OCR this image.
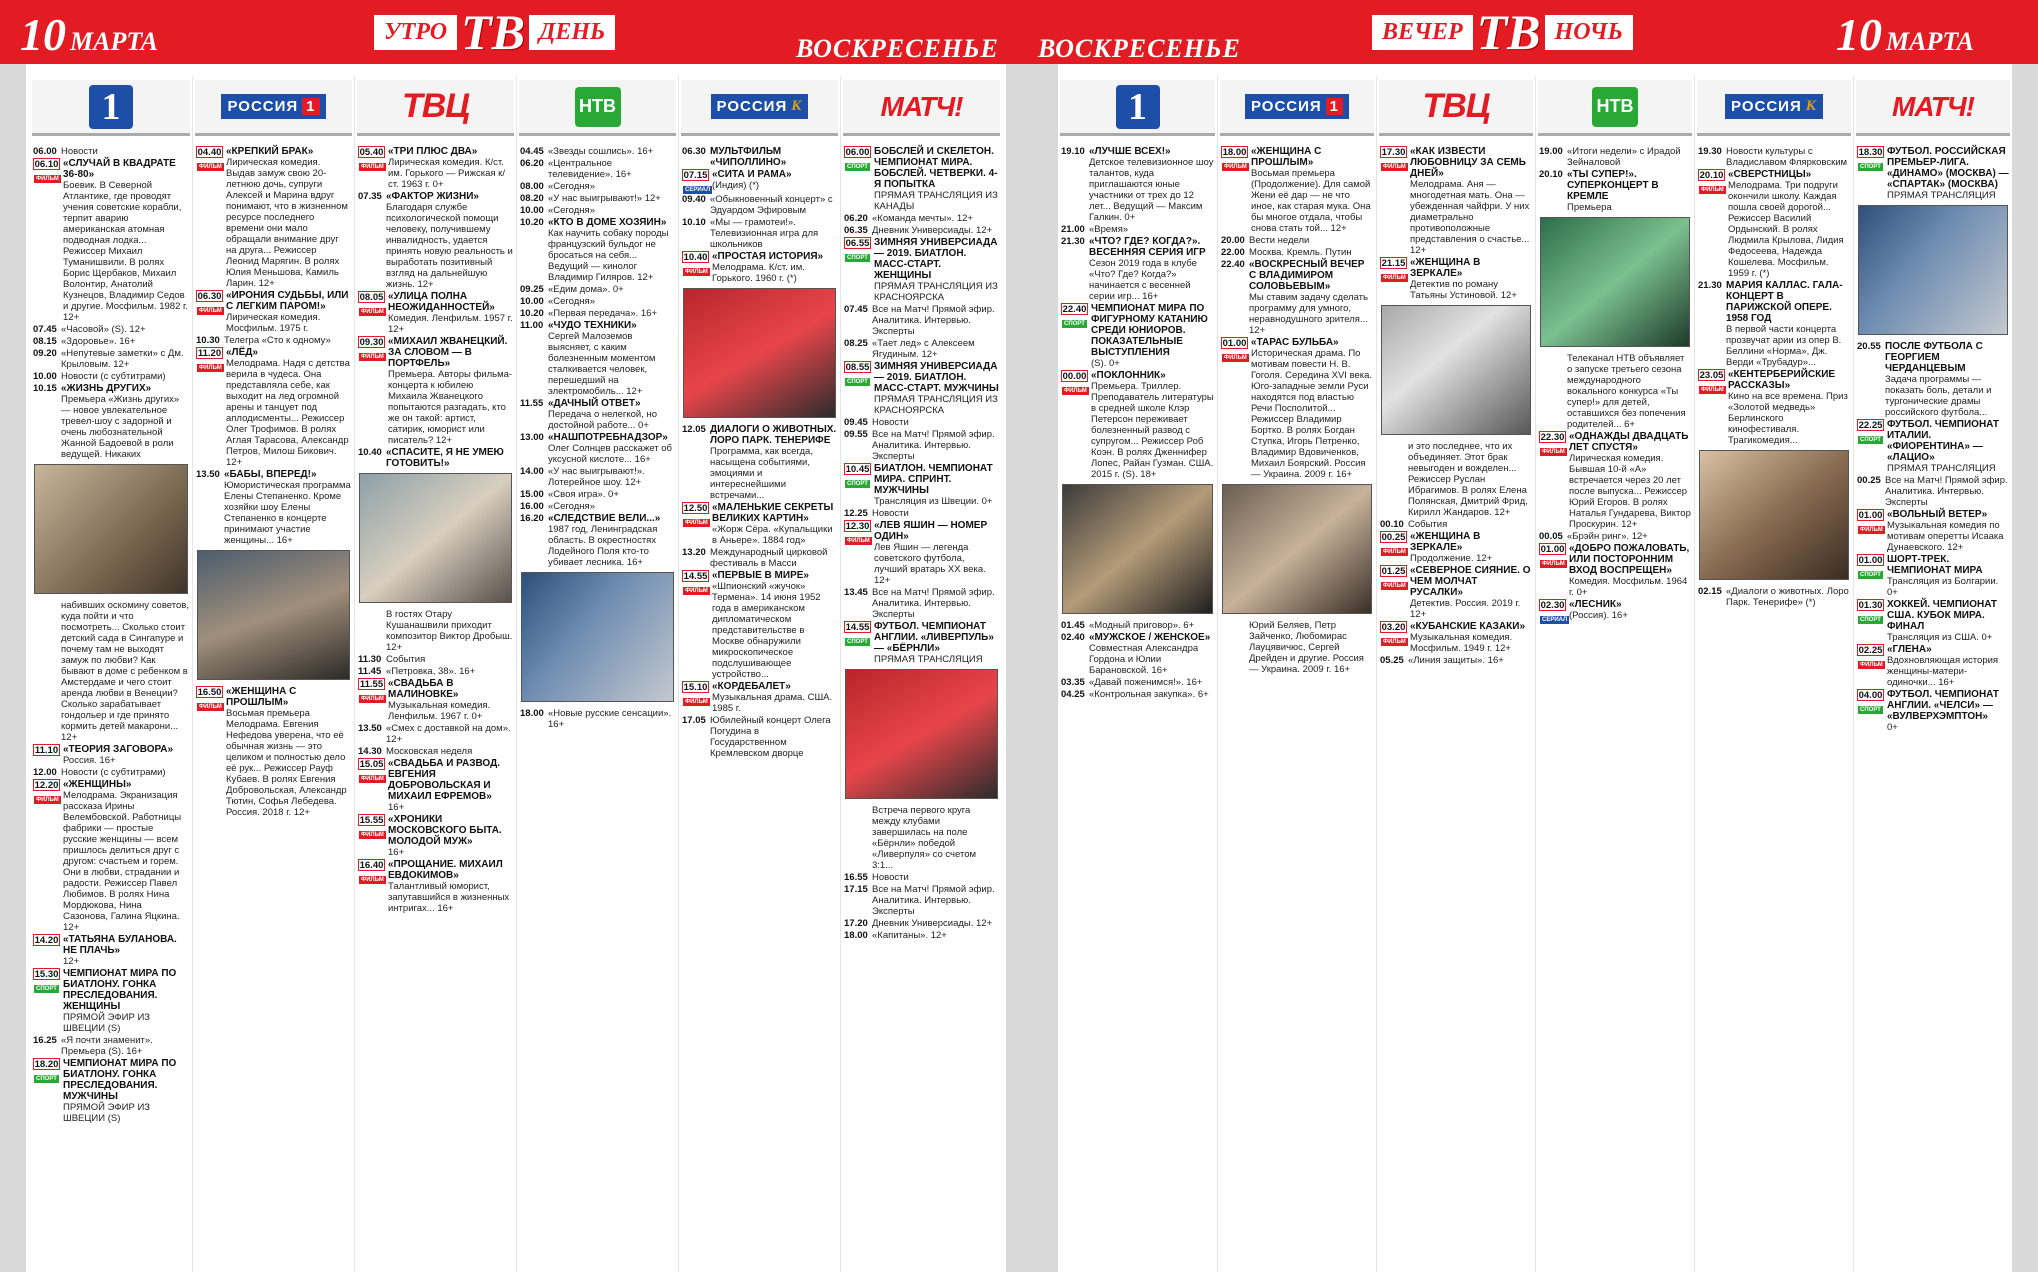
10 МАРТА	УТРО ТВ ДЕНЬ
ВОСКРЕСЕНЬЕ ВОСКРЕСЕНЬЕ
ВЕЧЕР ТВ НОЧЬ	10 МАРТА
1
06.00 Новости
06.10

ФИЛЬМ
«СЛУЧАЙ В КВАДРАТЕ 36-80»
Боевик. В Северной Атлантике, где проводят учения советские корабли, терпит аварию американская атомная подводная лодка... Режиссер Михаил Туманишвили. В ролях Борис Щербаков, Михаил Волонтир, Анатолий Кузнецов, Владимир Седов и другие. Мосфильм. 1982 г. 12+
07.45 «Часовой» (S). 12+
08.15 «Здоровье». 16+
09.20 «Непутевые заметки» с Дм. Крыловым. 12+
10.00 Новости (с субтитрами)
10.15 «ЖИЗНЬ ДРУГИХ»
Премьера «Жизнь других» — новое увлекательное тревел-шоу с задорной и очень любознательной Жанной Бадоевой в роли ведущей. Никаких
набивших оскомину советов, куда пойти и что посмотреть... Сколько стоит детский сада в Сингапуре и почему там не выходят замуж по любви? Как бывают в доме с ребенком в Амстердаме и чего стоит аренда любви в Венеции? Сколько зарабатывает гондольер и где принято кормить детей макарони... 12+
11.10 «ТЕОРИЯ ЗАГОВОРА»
Россия. 16+
12.00 Новости (с субтитрами)
12.20

ФИЛЬМ
«ЖЕНЩИНЫ»
Мелодрама. Экранизация рассказа Ирины Велембовской. Работницы фабрики — простые русские женщины — всем пришлось делиться друг с другом: счастьем и горем. Они в любви, страдании и радости. Режиссер Павел Любимов. В ролях Нина Мордюкова, Нина Сазонова, Галина Яцкина. 12+
14.20 «ТАТЬЯНА БУЛАНОВА. НЕ ПЛАЧЬ»
12+
15.30

СПОРТ
ЧЕМПИОНАТ МИРА ПО БИАТЛОНУ. ГОНКА ПРЕСЛЕДОВАНИЯ. ЖЕНЩИНЫ
ПРЯМОЙ ЭФИР ИЗ ШВЕЦИИ (S)
16.25 «Я почти знаменит». Премьера (S). 16+
18.20

СПОРТ
ЧЕМПИОНАТ МИРА ПО БИАТЛОНУ. ГОНКА ПРЕСЛЕДОВАНИЯ. МУЖЧИНЫ
ПРЯМОЙ ЭФИР ИЗ ШВЕЦИИ (S)
РОССИЯ 1
04.40

ФИЛЬМ
«КРЕПКИЙ БРАК»
Лирическая комедия. Выдав замуж свою 20-летнюю дочь, супруги Алексей и Марина вдруг понимают, что в жизненном ресурсе последнего времени они мало обращали внимание друг на друга... Режиссер Леонид Марягин. В ролях Юлия Меньшова, Камиль Ларин. 12+
06.30

ФИЛЬМ
«ИРОНИЯ СУДЬБЫ, ИЛИ С ЛЕГКИМ ПАРОМ!»
Лирическая комедия. Мосфильм. 1975 г.
10.30 Телегра «Сто к одному»
11.20

ФИЛЬМ
«ЛЁД»
Мелодрама. Надя с детства верила в чудеса. Она представляла себе, как выходит на лед огромной арены и танцует под аплодисменты... Режиссер Олег Трофимов. В ролях Аглая Тарасова, Александр Петров, Милош Бикович. 12+
13.50 «БАБЫ, ВПЕРЕД!»
Юмористическая программа Елены Степаненко. Кроме хозяйки шоу Елены Степаненко в концерте принимают участие женщины... 16+
16.50

ФИЛЬМ
«ЖЕНЩИНА С ПРОШЛЫМ»
Восьмая премьера Мелодрама. Евгения Нефедова уверена, что её обычная жизнь — это целиком и полностью дело её рук... Режиссер Рауф Кубаев. В ролях Евгения Добровольская, Александр Тютин, Софья Лебедева. Россия. 2018 г. 12+
ТВЦ
05.40

ФИЛЬМ
«ТРИ ПЛЮС ДВА»
Лирическая комедия. К/ст. им. Горького — Рижская к/ст. 1963 г. 0+
07.35 «ФАКТОР ЖИЗНИ»
Благодаря службе психологической помощи человеку, получившему инвалидность, удается принять новую реальность и выработать позитивный взгляд на дальнейшую жизнь. 12+
08.05

ФИЛЬМ
«УЛИЦА ПОЛНА НЕОЖИДАННОСТЕЙ»
Комедия. Ленфильм. 1957 г. 12+
09.30

ФИЛЬМ
«МИХАИЛ ЖВАНЕЦКИЙ. ЗА СЛОВОМ — В ПОРТФЕЛЬ»
Премьера. Авторы фильма-концерта к юбилею Михаила Жванецкого попытаются разгадать, кто же он такой: артист, сатирик, юморист или писатель? 12+
10.40 «СПАСИТЕ, Я НЕ УМЕЮ ГОТОВИТЬ!»
В гостях Отару Кушанашвили приходит композитор Виктор Дробыш. 12+
11.30 События
11.45 «Петровка, 38». 16+
11.55

ФИЛЬМ
«СВАДЬБА В МАЛИНОВКЕ»
Музыкальная комедия. Ленфильм. 1967 г. 0+
13.50 «Смех с доставкой на дом». 12+
14.30 Московская неделя
15.05

ФИЛЬМ
«СВАДЬБА И РАЗВОД. ЕВГЕНИЯ ДОБРОВОЛЬСКАЯ И МИХАИЛ ЕФРЕМОВ»
16+
15.55

ФИЛЬМ
«ХРОНИКИ МОСКОВСКОГО БЫТА. МОЛОДОЙ МУЖ»
16+
16.40

ФИЛЬМ
«ПРОЩАНИЕ. МИХАИЛ ЕВДОКИМОВ»
Талантливый юморист, запутавшийся в жизненных интригах... 16+
НТВ
04.45 «Звезды сошлись». 16+
06.20 «Центральное телевидение». 16+
08.00 «Сегодня»
08.20 «У нас выигрывают!» 12+
10.00 «Сегодня»
10.20 «КТО В ДОМЕ ХОЗЯИН»
Как научить собаку породы французский бульдог не бросаться на себя... Ведущий — кинолог Владимир Гиляров. 12+
09.25 «Едим дома». 0+
10.00 «Сегодня»
10.20 «Первая передача». 16+
11.00 «ЧУДО ТЕХНИКИ»
Сергей Малоземов выясняет, с каким болезненным моментом сталкивается человек, перешедший на электромобиль... 12+
11.55 «ДАЧНЫЙ ОТВЕТ»
Передача о нелегкой, но достойной работе... 0+
13.00 «НАШПОТРЕБНАДЗОР»
Олег Солнцев расскажет об уксусной кислоте... 16+
14.00 «У нас выигрывают!». Лотерейное шоу. 12+
15.00 «Своя игра». 0+
16.00 «Сегодня»
16.20 «СЛЕДСТВИЕ ВЕЛИ...»
1987 год, Ленинградская область. В окрестностях Лодейного Поля кто-то убивает лесника. 16+
18.00 «Новые русские сенсации». 16+
РОССИЯ К
06.30 МУЛЬТФИЛЬМ «ЧИПОЛЛИНО»
07.15

СЕРИАЛ
«СИТА И РАМА»
(Индия) (*)
09.40 «Обыкновенный концерт» с Эдуардом Эфировым
10.10 «Мы — грамотеи!». Телевизионная игра для школьников
10.40

ФИЛЬМ
«ПРОСТАЯ ИСТОРИЯ»
Мелодрама. К/ст. им. Горького. 1960 г. (*)
12.05 ДИАЛОГИ О ЖИВОТНЫХ. ЛОРО ПАРК. ТЕНЕРИФЕ
Программа, как всегда, насыщена событиями, эмоциями и интереснейшими встречами...
12.50

ФИЛЬМ
«МАЛЕНЬКИЕ СЕКРЕТЫ ВЕЛИКИХ КАРТИН»
«Жорж Сёра. «Купальщики в Аньере». 1884 год»
13.20 Международный цирковой фестиваль в Масси
14.55

ФИЛЬМ
«ПЕРВЫЕ В МИРЕ»
«Шпионский «жучок» Термена». 14 июня 1952 года в американском дипломатическом представительстве в Москве обнаружили микроскопическое подслушивающее устройство...
15.10

ФИЛЬМ
«КОРДЕБАЛЕТ»
Музыкальная драма. США. 1985 г.
17.05 Юбилейный концерт Олега Погудина в Государственном Кремлевском дворце
МАТЧ!
06.00

СПОРТ
БОБСЛЕЙ И СКЕЛЕТОН. ЧЕМПИОНАТ МИРА. БОБСЛЕЙ. ЧЕТВЕРКИ. 4-Я ПОПЫТКА
ПРЯМАЯ ТРАНСЛЯЦИЯ ИЗ КАНАДЫ
06.20 «Команда мечты». 12+
06.35 Дневник Универсиады. 12+
06.55

СПОРТ
ЗИМНЯЯ УНИВЕРСИАДА — 2019. БИАТЛОН. МАСС-СТАРТ. ЖЕНЩИНЫ
ПРЯМАЯ ТРАНСЛЯЦИЯ ИЗ КРАСНОЯРСКА
07.45 Все на Матч! Прямой эфир. Аналитика. Интервью. Эксперты
08.25 «Тает лед» с Алексеем Ягудиным. 12+
08.55

СПОРТ
ЗИМНЯЯ УНИВЕРСИАДА — 2019. БИАТЛОН. МАСС-СТАРТ. МУЖЧИНЫ
ПРЯМАЯ ТРАНСЛЯЦИЯ ИЗ КРАСНОЯРСКА
09.45 Новости
09.55 Все на Матч! Прямой эфир. Аналитика. Интервью. Эксперты
10.45

СПОРТ
БИАТЛОН. ЧЕМПИОНАТ МИРА. СПРИНТ. МУЖЧИНЫ
Трансляция из Швеции. 0+
12.25 Новости
12.30

ФИЛЬМ
«ЛЕВ ЯШИН — НОМЕР ОДИН»
Лев Яшин — легенда советского футбола, лучший вратарь XX века. 12+
13.45 Все на Матч! Прямой эфир. Аналитика. Интервью. Эксперты
14.55

СПОРТ
ФУТБОЛ. ЧЕМПИОНАТ АНГЛИИ. «ЛИВЕРПУЛЬ» — «БЁРНЛИ»
ПРЯМАЯ ТРАНСЛЯЦИЯ
Встреча первого круга между клубами завершилась на поле «Бёрнли» победой «Ливерпуля» со счетом 3:1...
16.55 Новости
17.15 Все на Матч! Прямой эфир. Аналитика. Интервью. Эксперты
17.20 Дневник Универсиады. 12+
18.00 «Капитаны». 12+
1
19.10 «ЛУЧШЕ ВСЕХ!»
Детское телевизионное шоу талантов, куда приглашаются юные участники от трех до 12 лет... Ведущий — Максим Галкин. 0+
21.00 «Время»
21.30 «ЧТО? ГДЕ? КОГДА?». ВЕСЕННЯЯ СЕРИЯ ИГР
Сезон 2019 года в клубе «Что? Где? Когда?» начинается с весенней серии игр... 16+
22.40

СПОРТ
ЧЕМПИОНАТ МИРА ПО ФИГУРНОМУ КАТАНИЮ СРЕДИ ЮНИОРОВ. ПОКАЗАТЕЛЬНЫЕ ВЫСТУПЛЕНИЯ
(S). 0+
00.00

ФИЛЬМ
«ПОКЛОННИК»
Премьера. Триллер. Преподаватель литературы в средней школе Клэр Петерсон переживает болезненный развод с супругом... Режиссер Роб Коэн. В ролях Дженнифер Лопес, Райан Гузман. США. 2015 г. (S). 18+
01.45 «Модный приговор». 6+
02.40 «МУЖСКОЕ / ЖЕНСКОЕ»
Совместная Александра Гордона и Юлии Барановской. 16+
03.35 «Давай поженимся!». 16+
04.25 «Контрольная закупка». 6+
РОССИЯ 1
18.00

ФИЛЬМ
«ЖЕНЩИНА С ПРОШЛЫМ»
Восьмая премьера (Продолжение). Для самой Жени её дар — не что иное, как старая мука. Она бы многое отдала, чтобы снова стать той... 12+
20.00 Вести недели
22.00 Москва. Кремль. Путин
22.40 «ВОСКРЕСНЫЙ ВЕЧЕР С ВЛАДИМИРОМ СОЛОВЬЕВЫМ»
Мы ставим задачу сделать программу для умного, неравнодушного зрителя... 12+
01.00

ФИЛЬМ
«ТАРАС БУЛЬБА»
Историческая драма. По мотивам повести Н. В. Гоголя. Середина XVI века. Юго-западные земли Руси находятся под властью Речи Посполитой... Режиссер Владимир Бортко. В ролях Богдан Ступка, Игорь Петренко, Владимир Вдовиченков, Михаил Боярский. Россия — Украина. 2009 г. 16+
Юрий Беляев, Петр Зайченко, Любомирас Лауцявичюс, Сергей Дрейден и другие. Россия — Украина. 2009 г. 16+
ТВЦ
17.30

ФИЛЬМ
«КАК ИЗВЕСТИ ЛЮБОВНИЦУ ЗА СЕМЬ ДНЕЙ»
Мелодрама. Аня — многодетная мать. Она — убежденная чайфри. У них диаметрально противоположные представления о счастье... 12+
21.15

ФИЛЬМ
«ЖЕНЩИНА В ЗЕРКАЛЕ»
Детектив по роману Татьяны Устиновой. 12+
и это последнее, что их объединяет. Этот брак невыгоден и вожделен... Режиссер Руслан Ибрагимов. В ролях Елена Полянская, Дмитрий Фрид, Кирилл Жандаров. 12+
00.10 События
00.25

ФИЛЬМ
«ЖЕНЩИНА В ЗЕРКАЛЕ»
Продолжение. 12+
01.25

ФИЛЬМ
«СЕВЕРНОЕ СИЯНИЕ. О ЧЕМ МОЛЧАТ РУСАЛКИ»
Детектив. Россия. 2019 г. 12+
03.20

ФИЛЬМ
«КУБАНСКИЕ КАЗАКИ»
Музыкальная комедия. Мосфильм. 1949 г. 12+
05.25 «Линия защиты». 16+
НТВ
19.00 «Итоги недели» с Ирадой Зейналовой
20.10 «ТЫ СУПЕР!». СУПЕРКОНЦЕРТ В КРЕМЛЕ
Премьера
Телеканал НТВ объявляет о запуске третьего сезона международного вокального конкурса «Ты супер!» для детей, оставшихся без попечения родителей... 6+
22.30

ФИЛЬМ
«ОДНАЖДЫ ДВАДЦАТЬ ЛЕТ СПУСТЯ»
Лирическая комедия. Бывшая 10-й «А» встречается через 20 лет после выпуска... Режиссер Юрий Егоров. В ролях Наталья Гундарева, Виктор Проскурин. 12+
00.05 «Брэйн ринг». 12+
01.00

ФИЛЬМ
«ДОБРО ПОЖАЛОВАТЬ, ИЛИ ПОСТОРОННИМ ВХОД ВОСПРЕЩЕН»
Комедия. Мосфильм. 1964 г. 0+
02.30

СЕРИАЛ
«ЛЕСНИК»
(Россия). 16+
РОССИЯ К
19.30 Новости культуры с Владиславом Флярковским
20.10

ФИЛЬМ
«СВЕРСТНИЦЫ»
Мелодрама. Три подруги окончили школу. Каждая пошла своей дорогой... Режиссер Василий Ордынский. В ролях Людмила Крылова, Лидия Федосеева, Надежда Кошелева. Мосфильм. 1959 г. (*)
21.30 МАРИЯ КАЛЛАС. ГАЛА-КОНЦЕРТ В ПАРИЖСКОЙ ОПЕРЕ. 1958 ГОД
В первой части концерта прозвучат арии из опер В. Беллини «Норма», Дж. Верди «Трубадур»...
23.05

ФИЛЬМ
«КЕНТЕРБЕРИЙСКИЕ РАССКАЗЫ»
Кино на все времена. Приз «Золотой медведь» Берлинского кинофестиваля. Трагикомедия...
02.15 «Диалоги о животных. Лоро Парк. Тенерифе» (*)
МАТЧ!
18.30

СПОРТ
ФУТБОЛ. РОССИЙСКАЯ ПРЕМЬЕР-ЛИГА. «ДИНАМО» (МОСКВА) — «СПАРТАК» (МОСКВА)
ПРЯМАЯ ТРАНСЛЯЦИЯ
20.55 ПОСЛЕ ФУТБОЛА С ГЕОРГИЕМ ЧЕРДАНЦЕВЫМ
Задача программы — показать боль, детали и тургонические драмы российского футбола...
22.25

СПОРТ
ФУТБОЛ. ЧЕМПИОНАТ ИТАЛИИ. «ФИОРЕНТИНА» — «ЛАЦИО»
ПРЯМАЯ ТРАНСЛЯЦИЯ
00.25 Все на Матч! Прямой эфир. Аналитика. Интервью. Эксперты
01.00

ФИЛЬМ
«ВОЛЬНЫЙ ВЕТЕР»
Музыкальная комедия по мотивам оперетты Исаака Дунаевского. 12+
01.00

СПОРТ
ШОРТ-ТРЕК. ЧЕМПИОНАТ МИРА
Трансляция из Болгарии. 0+
01.30

СПОРТ
ХОККЕЙ. ЧЕМПИОНАТ США. КУБОК МИРА. ФИНАЛ
Трансляция из США. 0+
02.25

ФИЛЬМ
«ГЛЕНА»
Вдохновляющая история женщины-матери-одиночки... 16+
04.00

СПОРТ
ФУТБОЛ. ЧЕМПИОНАТ АНГЛИИ. «ЧЕЛСИ» — «ВУЛВЕРХЭМПТОН»
0+
